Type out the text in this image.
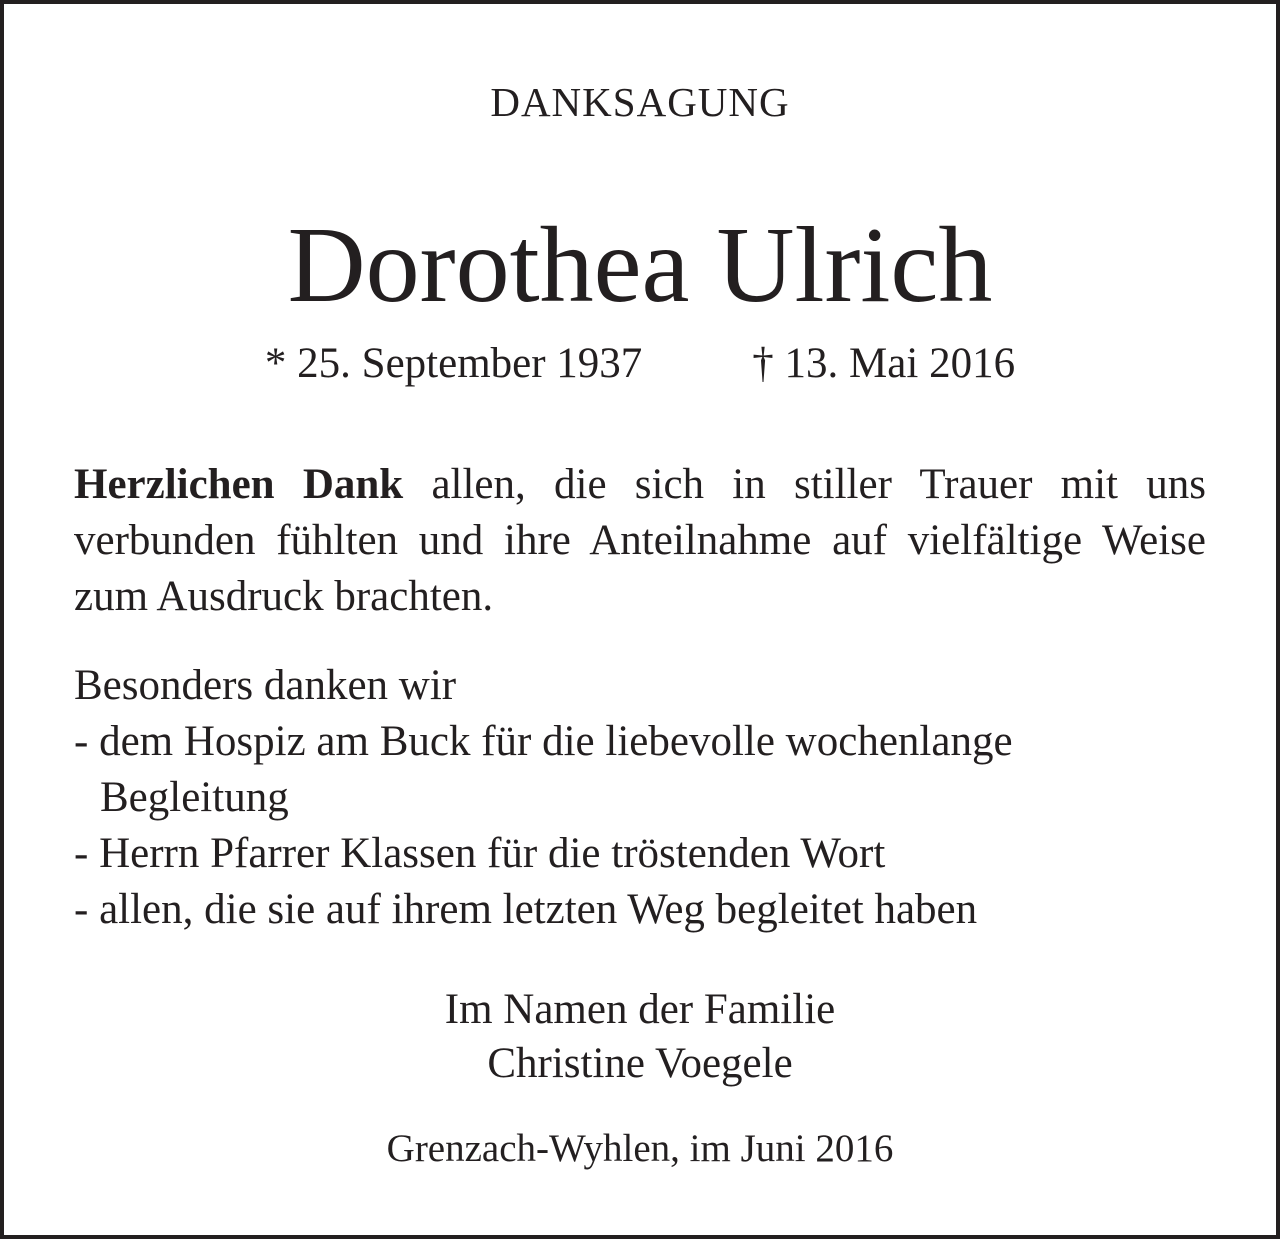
DANKSAGUNG
Dorothea Ulrich
* 25. September 1937	† 13. Mai 2016

Herzlichen Dank allen, die sich in stiller Trauer mit uns verbunden fühlten und ihre Anteilnahme auf vielfältige Weise zum Ausdruck brachten.

Besonders danken wir
- dem Hospiz am Buck für die liebevolle wochenlange
Begleitung
- Herrn Pfarrer Klassen für die tröstenden Wort
- allen, die sie auf ihrem letzten Weg begleitet haben

Im Namen der Familie

Christine Voegele

Grenzach-Wyhlen, im Juni 2016
